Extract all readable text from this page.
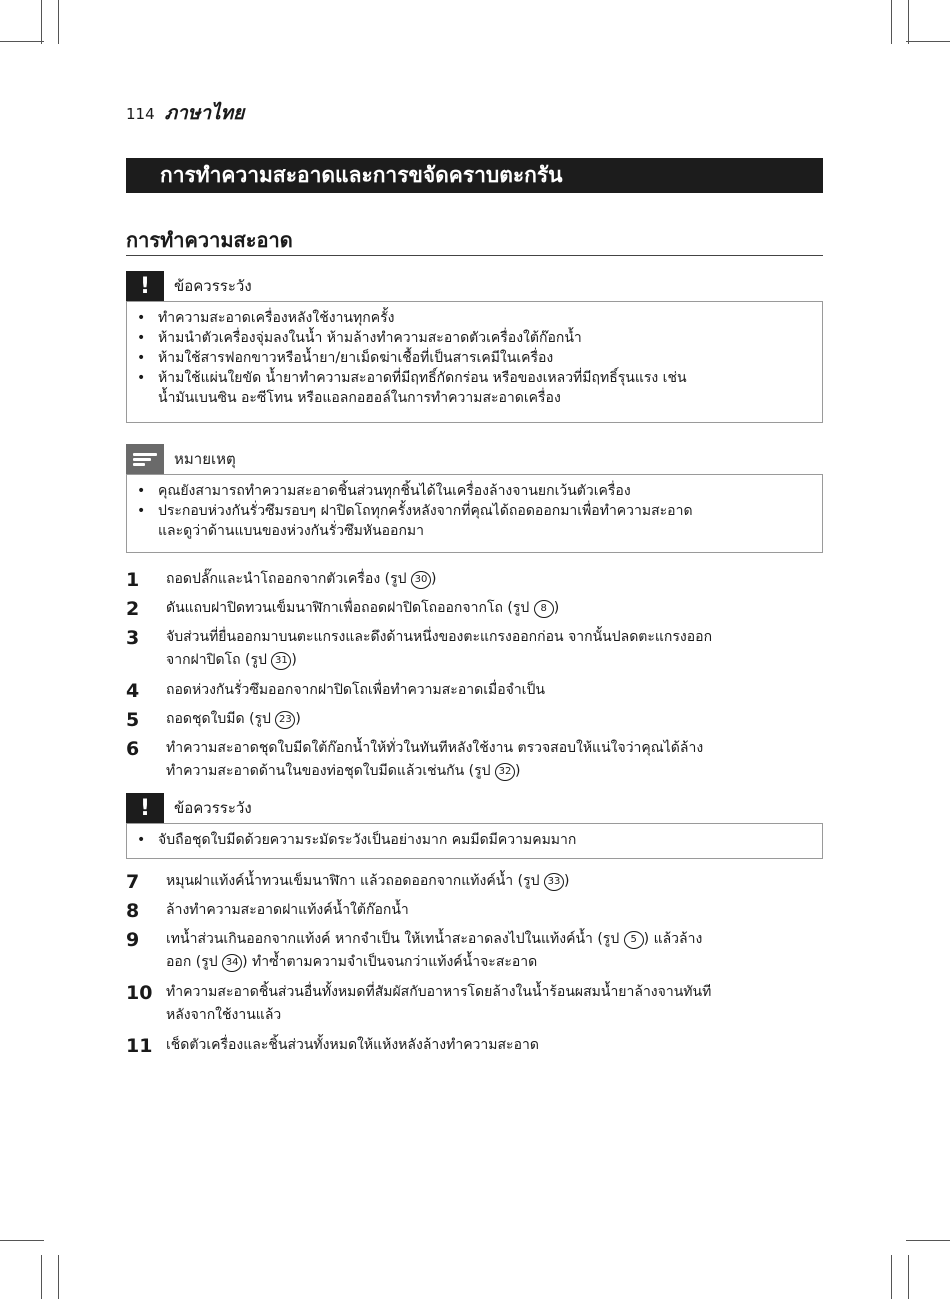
114 ภาษาไทย
การทำความสะอาดและการขจัดคราบตะกรัน
การทำความสะอาด
!	ข้อควรระวัง
• ทำความสะอาดเครื่องหลังใช้งานทุกครั้ง
• ห้ามนำตัวเครื่องจุ่มลงในน้ำ ห้ามล้างทำความสะอาดตัวเครื่องใต้ก๊อกน้ำ
• ห้ามใช้สารฟอกขาวหรือน้ำยา/ยาเม็ดฆ่าเชื้อที่เป็นสารเคมีในเครื่อง
• ห้ามใช้แผ่นใยขัด น้ำยาทำความสะอาดที่มีฤทธิ์กัดกร่อน หรือของเหลวที่มีฤทธิ์รุนแรง เช่น
น้ำมันเบนซิน อะซีโทน หรือแอลกอฮอล์ในการทำความสะอาดเครื่อง
หมายเหตุ
• คุณยังสามารถทำความสะอาดชิ้นส่วนทุกชิ้นได้ในเครื่องล้างจานยกเว้นตัวเครื่อง
• ประกอบห่วงกันรั่วซึมรอบๆ ฝาปิดโถทุกครั้งหลังจากที่คุณได้ถอดออกมาเพื่อทำความสะอาด
และดูว่าด้านแบนของห่วงกันรั่วซึมหันออกมา
1	ถอดปลั๊กและนำโถออกจากตัวเครื่อง (รูป 30 )
2	ดันแถบฝาปิดทวนเข็มนาฬิกาเพื่อถอดฝาปิดโถออกจากโถ (รูป 8 )
3	จับส่วนที่ยื่นออกมาบนตะแกรงและดึงด้านหนึ่งของตะแกรงออกก่อน จากนั้นปลดตะแกรงออก
จากฝาปิดโถ (รูป 31 )
4	ถอดห่วงกันรั่วซึมออกจากฝาปิดโถเพื่อทำความสะอาดเมื่อจำเป็น
5	ถอดชุดใบมีด (รูป 23 )
6	ทำความสะอาดชุดใบมีดใต้ก๊อกน้ำให้ทั่วในทันทีหลังใช้งาน ตรวจสอบให้แน่ใจว่าคุณได้ล้าง
ทำความสะอาดด้านในของท่อชุดใบมีดแล้วเช่นกัน (รูป 32 )
!	ข้อควรระวัง
• จับถือชุดใบมีดด้วยความระมัดระวังเป็นอย่างมาก คมมีดมีความคมมาก
7	หมุนฝาแท้งค์น้ำทวนเข็มนาฬิกา แล้วถอดออกจากแท้งค์น้ำ (รูป 33 )
8	ล้างทำความสะอาดฝาแท้งค์น้ำใต้ก๊อกน้ำ
9	เทน้ำส่วนเกินออกจากแท้งค์ หากจำเป็น ให้เทน้ำสะอาดลงไปในแท้งค์น้ำ (รูป 5 ) แล้วล้าง
ออก (รูป 34 ) ทำซ้ำตามความจำเป็นจนกว่าแท้งค์น้ำจะสะอาด
10 ทำความสะอาดชิ้นส่วนอื่นทั้งหมดที่สัมผัสกับอาหารโดยล้างในน้ำร้อนผสมน้ำยาล้างจานทันที
หลังจากใช้งานแล้ว
11 เช็ดตัวเครื่องและชิ้นส่วนทั้งหมดให้แห้งหลังล้างทำความสะอาด
